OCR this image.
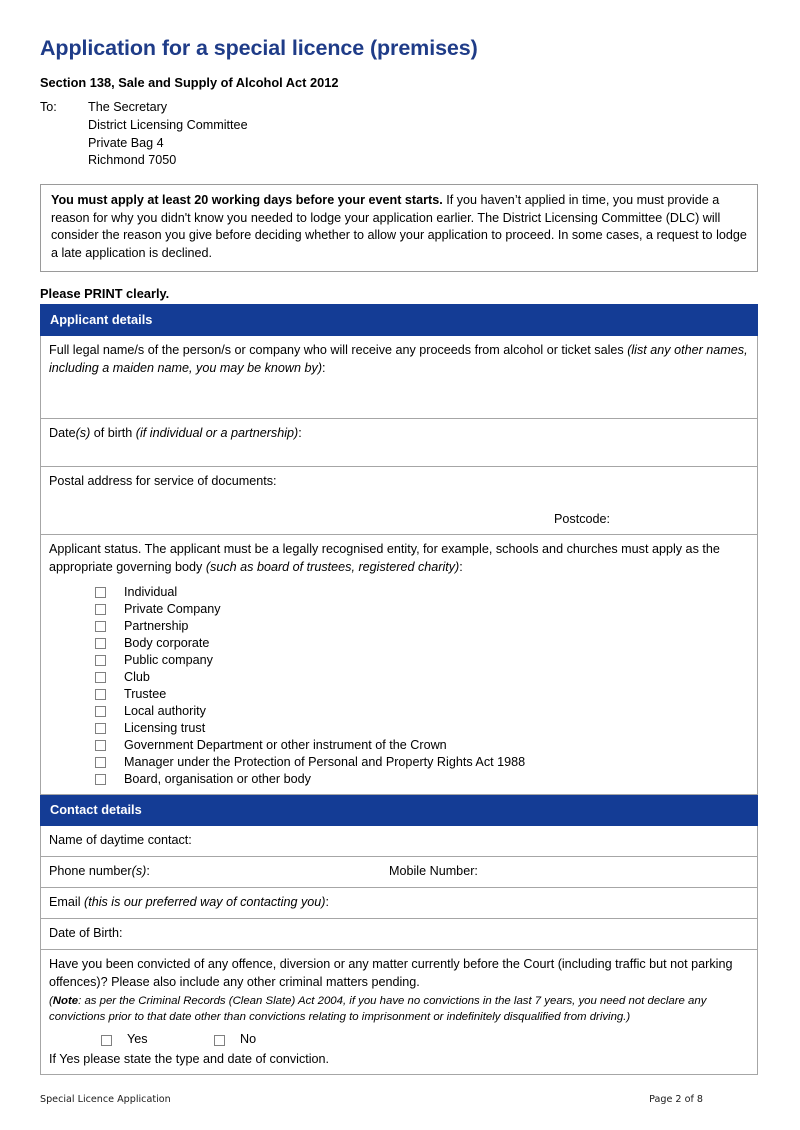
Application for a special licence (premises)
Section 138, Sale and Supply of Alcohol Act 2012
To:	The Secretary
District Licensing Committee
Private Bag 4
Richmond 7050
You must apply at least 20 working days before your event starts. If you haven’t applied in time, you must provide a reason for why you didn't know you needed to lodge your application earlier. The District Licensing Committee (DLC) will consider the reason you give before deciding whether to allow your application to proceed. In some cases, a request to lodge a late application is declined.
Please PRINT clearly.
Applicant details
Full legal name/s of the person/s or company who will receive any proceeds from alcohol or ticket sales (list any other names, including a maiden name, you may be known by):
Date(s) of birth (if individual or a partnership):

Postal address for service of documents:
Postcode:

Applicant status. The applicant must be a legally recognised entity, for example, schools and churches must apply as the appropriate governing body (such as board of trustees, registered charity):
Individual
Private Company
Partnership
Body corporate
Public company
Club
Trustee
Local authority
Licensing trust
Government Department or other instrument of the Crown
Manager under the Protection of Personal and Property Rights Act 1988
Board, organisation or other body

Contact details
Name of daytime contact:

Phone number(s):	Mobile Number:

Email (this is our preferred way of contacting you):
Date of Birth:

Have you been convicted of any offence, diversion or any matter currently before the Court (including traffic but not parking offences)? Please also include any other criminal matters pending.
(Note: as per the Criminal Records (Clean Slate) Act 2004, if you have no convictions in the last 7 years, you need not declare any convictions prior to that date other than convictions relating to imprisonment or indefinitely disqualified from driving.)
Yes	No
If Yes please state the type and date of conviction.
Special Licence Application	Page 2 of 8
